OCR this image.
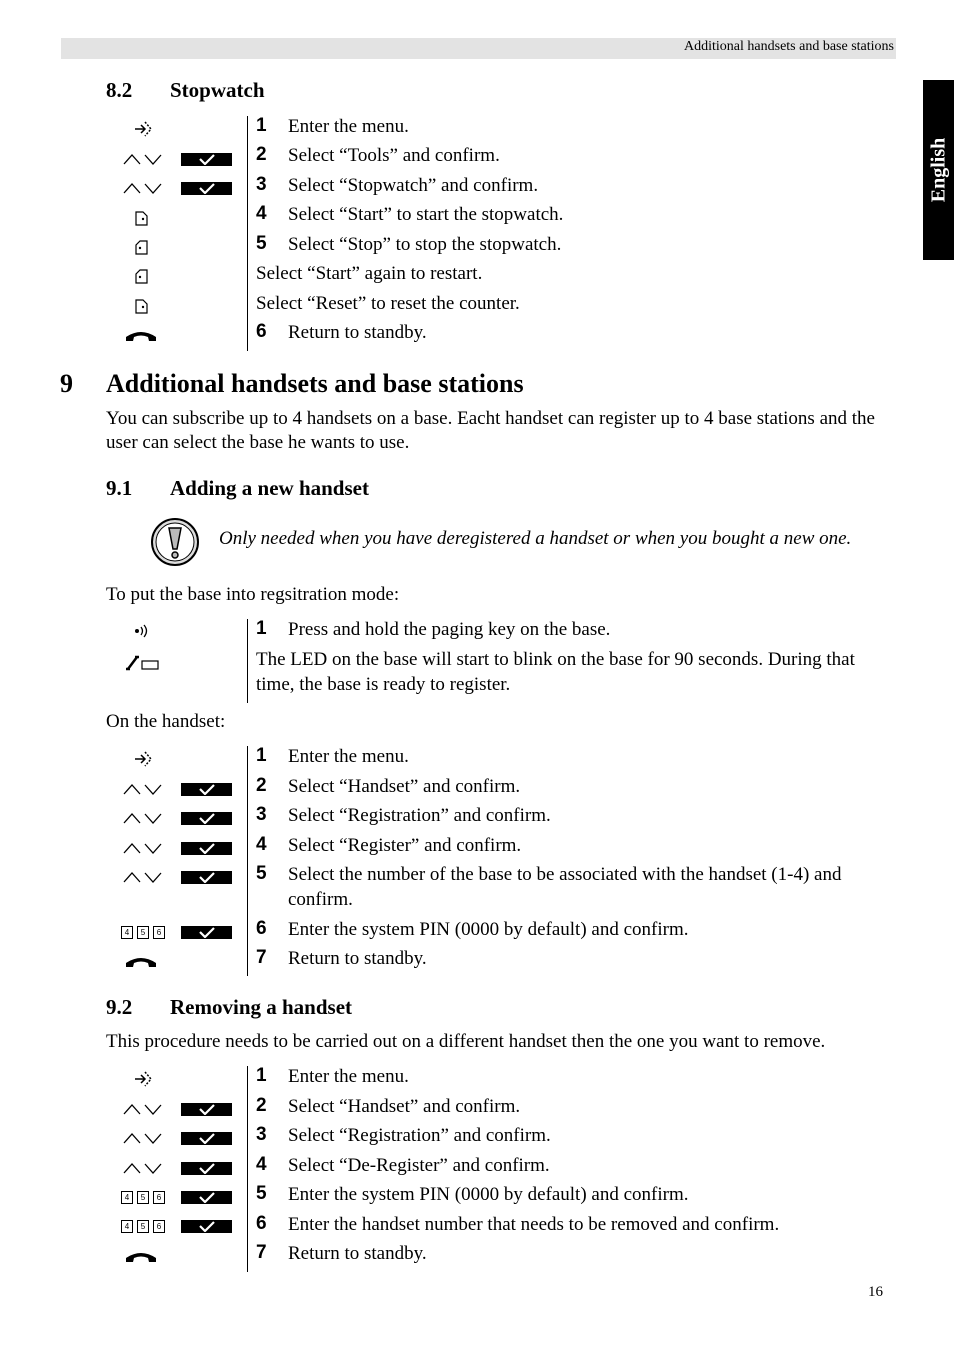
Additional handsets and base stations
English
8.2 Stopwatch
1 Enter the menu.
2 Select “Tools” and confirm.
3 Select “Stopwatch” and confirm.
4 Select “Start” to start the stopwatch.
5 Select “Stop” to stop the stopwatch.
Select “Start” again to restart.
Select “Reset” to reset the counter.
6 Return to standby.
9 Additional handsets and base stations
You can subscribe up to 4 handsets on a base. Eacht handset can register up to 4 base stations and the user can select the base he wants to use.
9.1 Adding a new handset
Only needed when you have deregistered a handset or when you bought a new one.
To put the base into regsitration mode:
1 Press and hold the paging key on the base.
The LED on the base will start to blink on the base for 90 seconds. During that time, the base is ready to register.
On the handset:
4	5	6
1 Enter the menu.
2 Select “Handset” and confirm.
3 Select “Registration” and confirm.
4 Select “Register” and confirm.
5 Select the number of the base to be associated with the handset (1-4) and confirm.
6 Enter the system PIN (0000 by default) and confirm.
7 Return to standby.
9.2 Removing a handset
This procedure needs to be carried out on a different handset then the one you want to remove.
4	5	6
4	5	6
1 Enter the menu.
2 Select “Handset” and confirm.
3 Select “Registration” and confirm.
4 Select “De-Register” and confirm.
5 Enter the system PIN (0000 by default) and confirm.
6 Enter the handset number that needs to be removed and confirm.
7 Return to standby.
16
